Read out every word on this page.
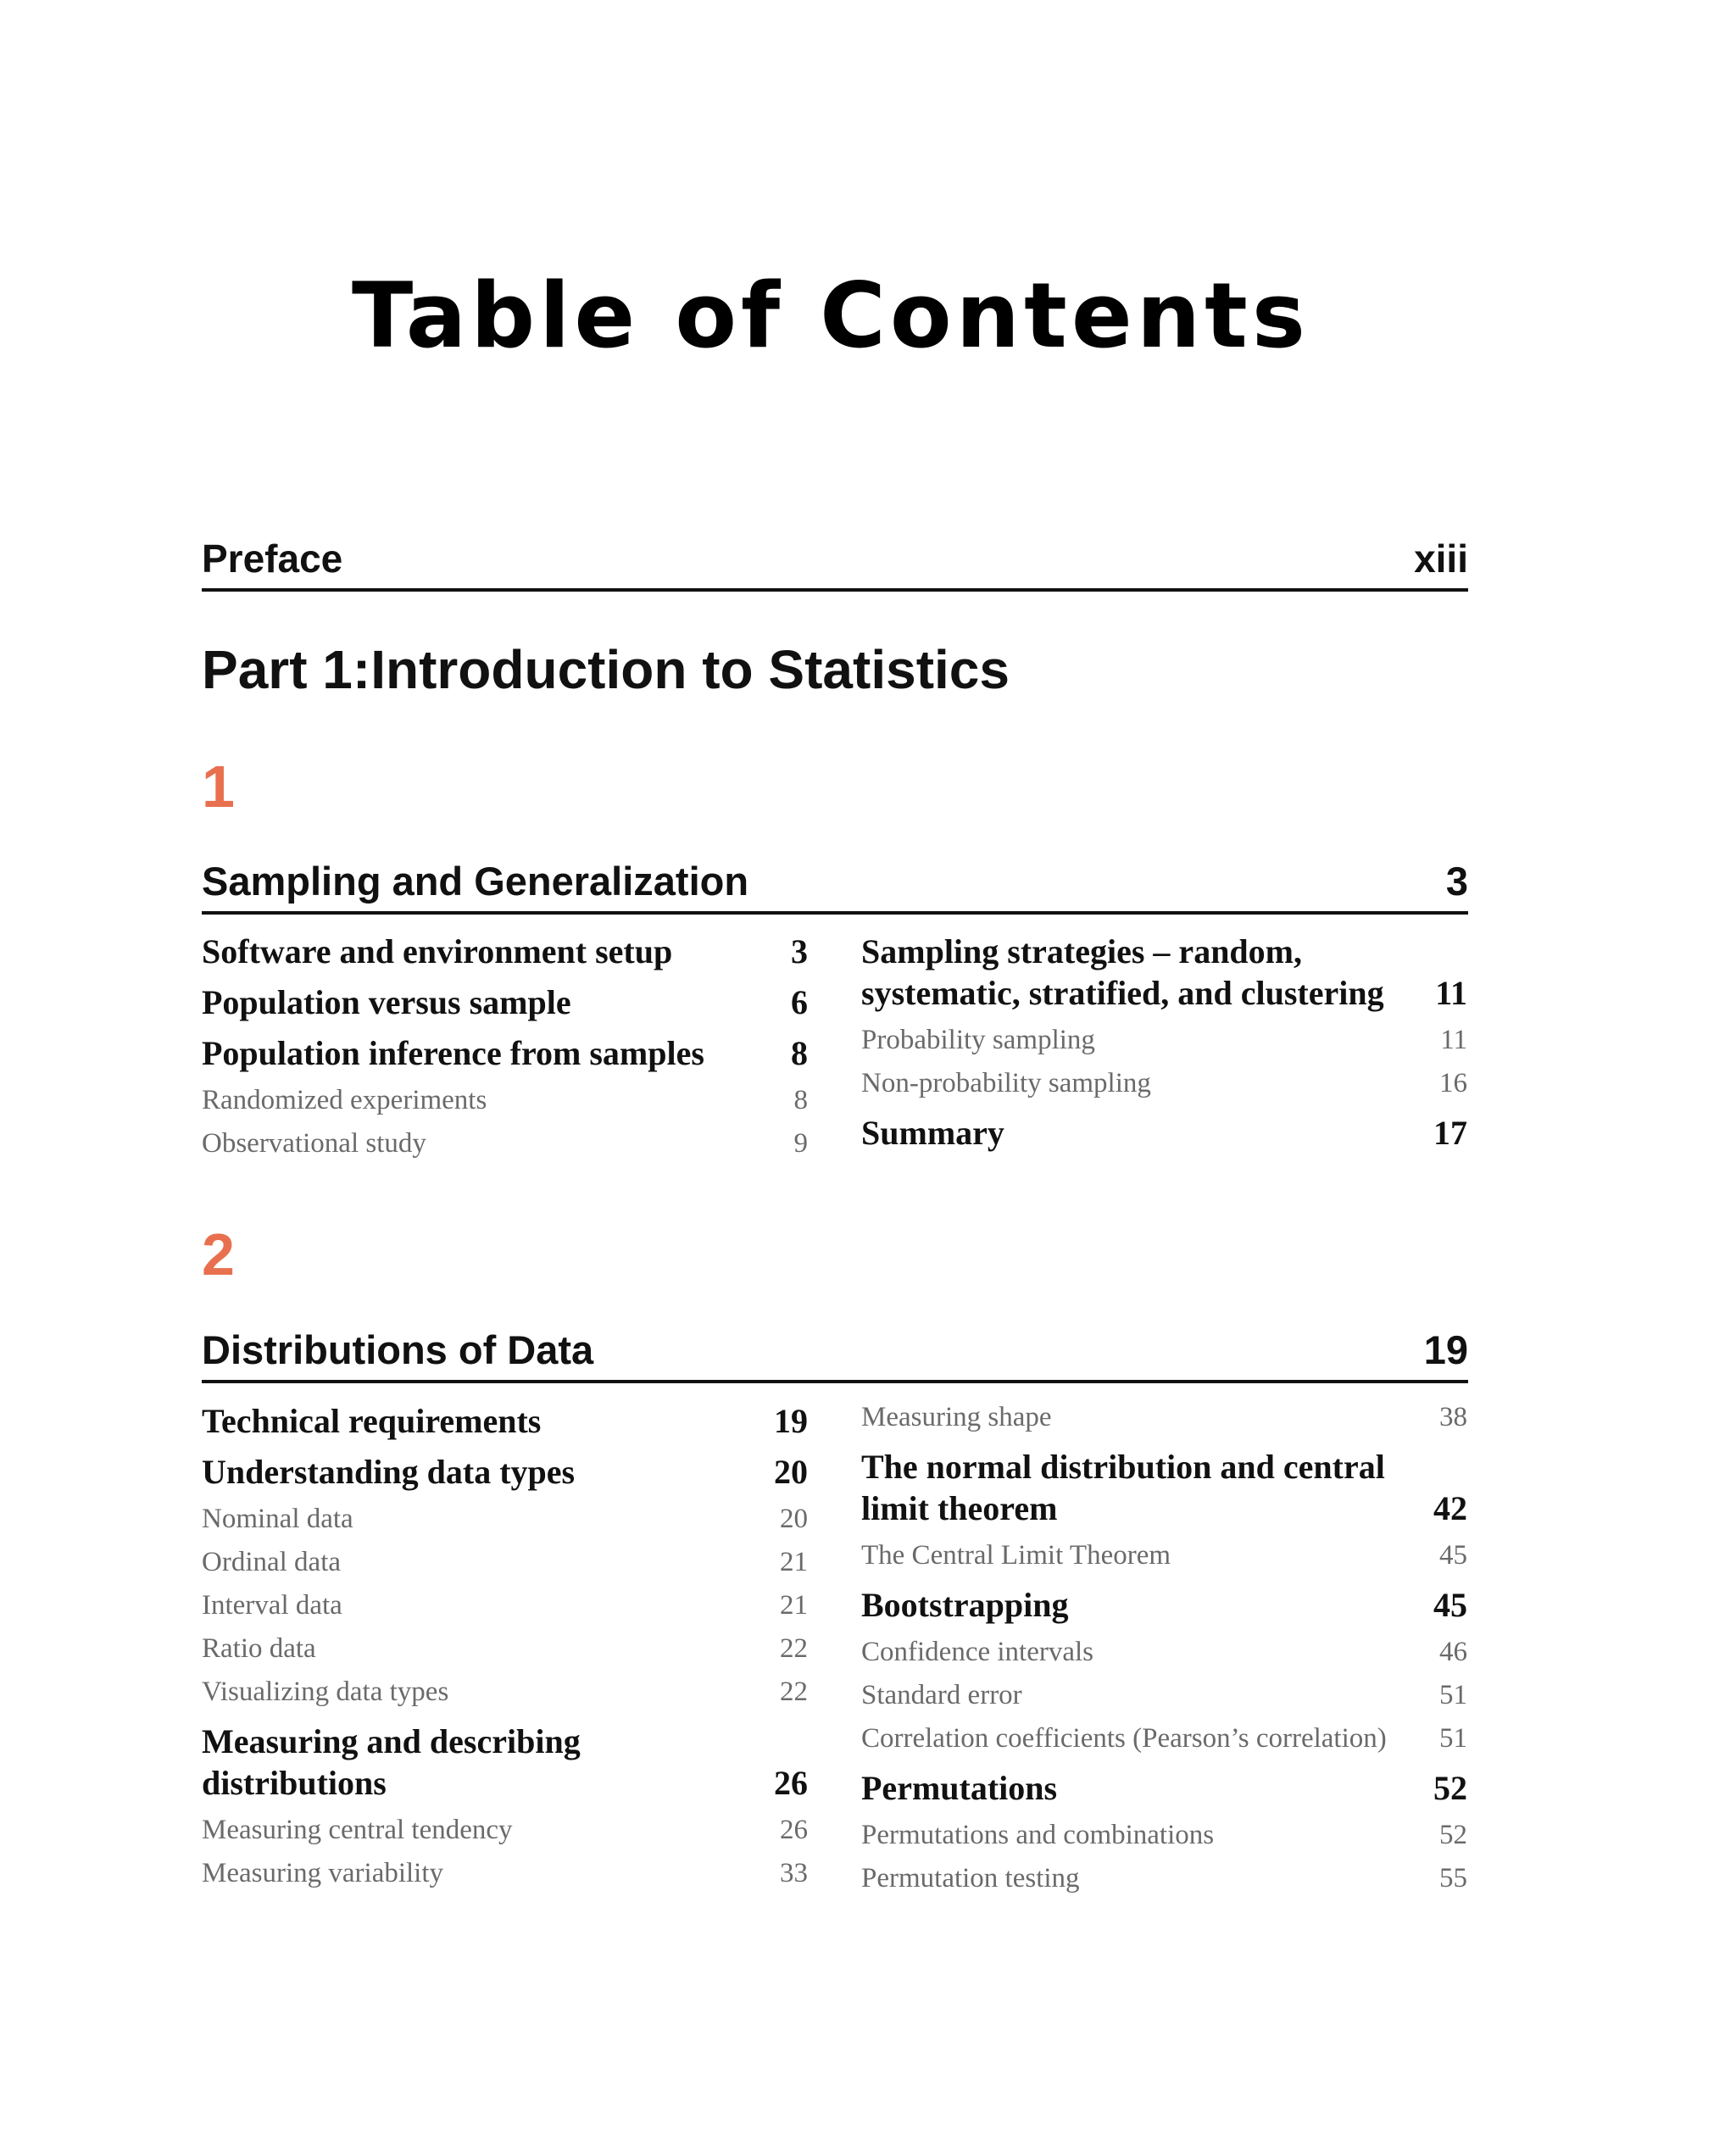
Table of Contents
Preface	xiii
Part 1:Introduction to Statistics
1
Sampling and Generalization	3
Software and environment setup	3
Population versus sample	6
Population inference from samples	8
Randomized experiments	8
Observational study	9
Sampling strategies – random, systematic, stratified, and clustering	11
Probability sampling	11
Non-probability sampling	16
Summary	17
2
Distributions of Data	19
Technical requirements	19
Understanding data types	20
Nominal data	20
Ordinal data	21
Interval data	21
Ratio data	22
Visualizing data types	22
Measuring and describing distributions	26
Measuring central tendency	26
Measuring variability	33
Measuring shape	38
The normal distribution and central limit theorem	42
The Central Limit Theorem	45
Bootstrapping	45
Confidence intervals	46
Standard error	51
Correlation coefficients (Pearson’s correlation)	51
Permutations	52
Permutations and combinations	52
Permutation testing	55
